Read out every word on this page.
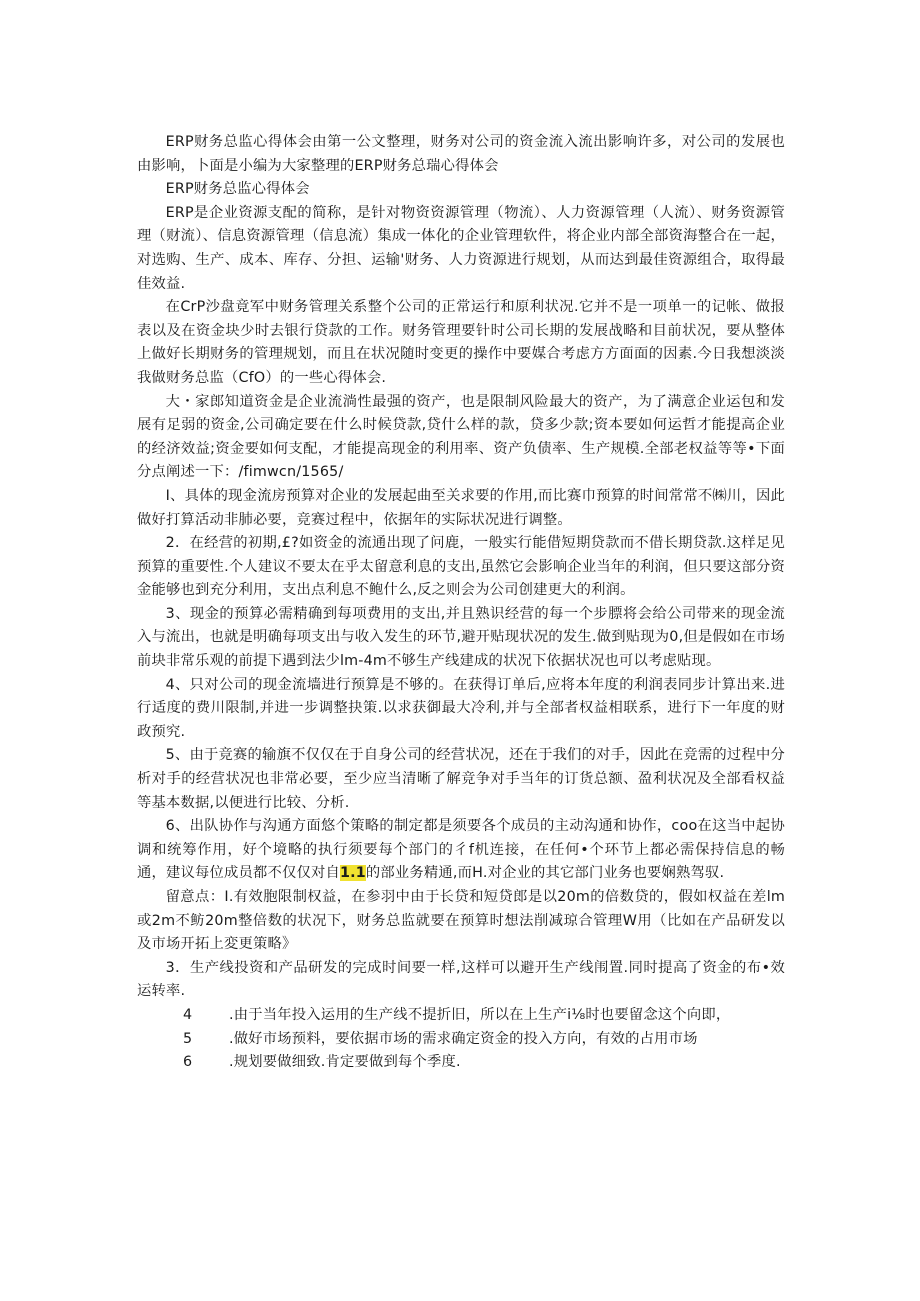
ERP财务总监心得体会由第一公文整理，财务对公司的资金流入流出影响许多，对公司的发展也由影响，卜面是小编为大家整理的ERP财务总瑞心得体会

ERP财务总监心得体会

ERP是企业资源支配的简称，是针对物资资源管理（物流）、人力资源管理（人流）、财务资源管理（财流）、信息资源管理（信息流）集成一体化的企业管理软件，将企业内部全部资海整合在一起，对选购、生产、成本、库存、分担、运输'财务、人力资源进行规划，从而达到最佳资源组合，取得最佳效益.

在CrP沙盘竟军中财务管理关系整个公司的正常运行和原利状况.它并不是一项单一的记帐、做报表以及在资金块少时去银行贷款的工作。财务管理要针时公司长期的发展战略和目前状况，要从整体上做好长期财务的管理规划，而且在状况随时变更的操作中要媒合考虑方方面面的因素.今日我想淡淡我做财务总监（CfO）的一些心得体会.

大・家郎知道资金是企业流淌性最强的资产，也是限制风险最大的资产，为了满意企业运包和发展有足弱的资金,公司确定要在什么时候贷款,贷什么样的款，贷多少款;资本要如何运哲才能提高企业的经济效益;资金要如何支配，才能提高现金的利用率、资产负债率、生产规模.全部老权益等等•下面分点阐述一下：/fimwcn/1565/

I、具体的现金流房预算对企业的发展起曲至关求要的作用,而比赛巾预算的时间常常不㈱川，因此做好打算活动非肺必要，竞赛过程中，依据年的实际状况进行调整。

2．在经营的初期,£?如资金的流通出现了问鹿，一般实行能借短期贷款而不借长期贷款.这样足见预算的重要性.个人建议不要太在乎太留意利息的支出,虽然它会影响企业当年的利润，但只要这部分资金能够也到充分利用，支出点利息不鲍什么,反之则会为公司创建更大的利润。

3、现金的预算必需精确到每项费用的支出,并且熟识经营的每一个步膘将会给公司带来的现金流入与流出，也就是明确每项支出与收入发生的环节,避开贴现状况的发生.做到贴现为0,但是假如在市场前块非常乐观的前提下遇到法少lm-4m不够生产线建成的状况下依据状况也可以考虑贴现。

4、只对公司的现金流墙进行预算是不够的。在获得订单后,应将本年度的利润表同步计算出来.进行适度的费川限制,并进一步调整抉策.以求获御最大冷利,并与全部者权益相联系，进行下一年度的财政预究.

5、由于竞赛的输旗不仅仅在于自身公司的经营状况，还在于我们的对手，因此在竞需的过程中分析对手的经营状况也非常必要，至少应当清晰了解竞争对手当年的订货总额、盈利状况及全部看权益等基本数据,以便进行比较、分析.

6、出队协作与沟通方面悠个策略的制定都是须要各个成员的主动沟通和协作，coo在这当中起协调和统筹作用，好个境略的执行须要每个部门的彳f机连接，在任何•个环节上都必需保持信息的畅通，建议每位成员都不仅仅对自1.1的部业务精通,而H.对企业的其它部门业务也要娴熟驾驭.

留意点：I.有效胞限制权益，在参羽中由于长贷和短贷郎是以20m的倍数贷的，假如权益在差lm或2m不鲂20m整倍数的状况下，财务总监就要在预算时想法削减琼合管理W用（比如在产品研发以及市场开拓上変更策略》

3．生产线投资和产品研发的完成时间要一样,这样可以避开生产线闱置.同时提高了资金的布•效运转率.

4	.由于当年投入运用的生产线不提折旧，所以在上生产i⅛时也要留念这个向即，
5	.做好市场预料，要依据市场的需求确定资金的投入方向，有效的占用市场
6	.规划要做细致.肯定要做到每个季度.
